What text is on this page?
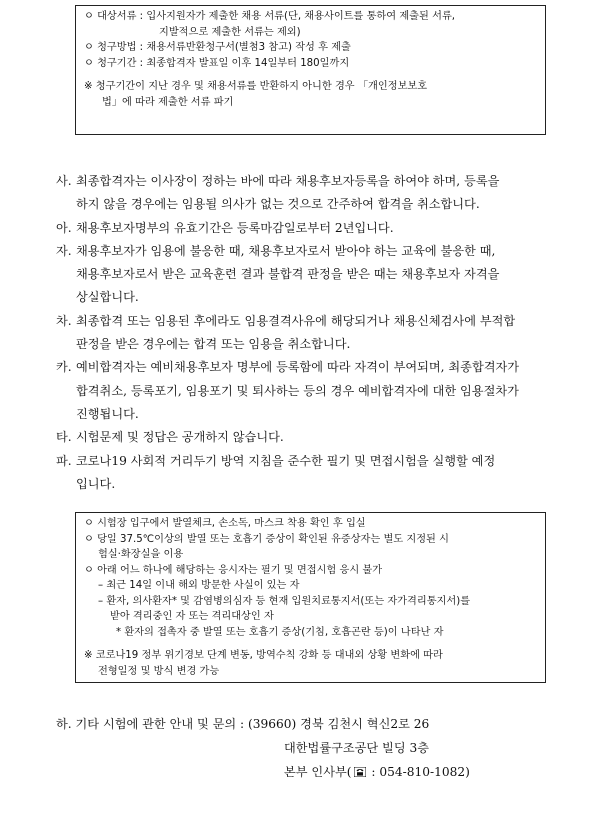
ㅇ 대상서류 : 입사지원자가 제출한 채용 서류(단, 채용사이트를 통하여 제출된 서류,
지발적으로 제출한 서류는 제외)
ㅇ 청구방법 : 채용서류반환청구서(별첨3 참고) 작성 후 제출
ㅇ 청구기간 : 최종합격자 발표일 이후 14일부터 180일까지
※ 청구기간이 지난 경우 및 채용서류를 반환하지 아니한 경우 「개인정보보호
법」에 따라 제출한 서류 파기
사. 최종합격자는 이사장이 정하는 바에 따라 채용후보자등록을 하여야 하며, 등록을
하지 않을 경우에는 임용될 의사가 없는 것으로 간주하여 합격을 취소합니다.
아. 채용후보자명부의 유효기간은 등록마감일로부터 2년입니다.
자. 채용후보자가 임용에 불응한 때, 채용후보자로서 받아야 하는 교육에 불응한 때,
채용후보자로서 받은 교육훈련 결과 불합격 판정을 받은 때는 채용후보자 자격을
상실합니다.
차. 최종합격 또는 임용된 후에라도 임용결격사유에 해당되거나 채용신체검사에 부적합
판정을 받은 경우에는 합격 또는 임용을 취소합니다.
카. 예비합격자는 예비채용후보자 명부에 등록함에 따라 자격이 부여되며, 최종합격자가
합격취소, 등록포기, 임용포기 및 퇴사하는 등의 경우 예비합격자에 대한 임용절차가
진행됩니다.
타. 시험문제 및 정답은 공개하지 않습니다.
파. 코로나19 사회적 거리두기 방역 지침을 준수한 필기 및 면접시험을 실행할 예정
입니다.
ㅇ 시험장 입구에서 발열체크, 손소독, 마스크 착용 확인 후 입실
ㅇ 당일 37.5℃이상의 발열 또는 호흡기 증상이 확인된 유증상자는 별도 지정된 시
험실·화장실을 이용
ㅇ 아래 어느 하나에 해당하는 응시자는 필기 및 면접시험 응시 불가
– 최근 14일 이내 해외 방문한 사실이 있는 자
– 환자, 의사환자* 및 감염병의심자 등 현재 입원치료통지서(또는 자가격리통지서)를
받아 격리중인 자 또는 격리대상인 자
* 환자의 접촉자 중 발열 또는 호흡기 증상(기침, 호흡곤란 등)이 나타난 자
※ 코로나19 정부 위기경보 단계 변동, 방역수칙 강화 등 대내외 상황 변화에 따라
전형일정 및 방식 변경 가능
하. 기타 시험에 관한 안내 및 문의 : (39660) 경북 김천시 혁신2로 26
대한법률구조공단 빌딩 3층
본부 인사부( : 054-810-1082)
